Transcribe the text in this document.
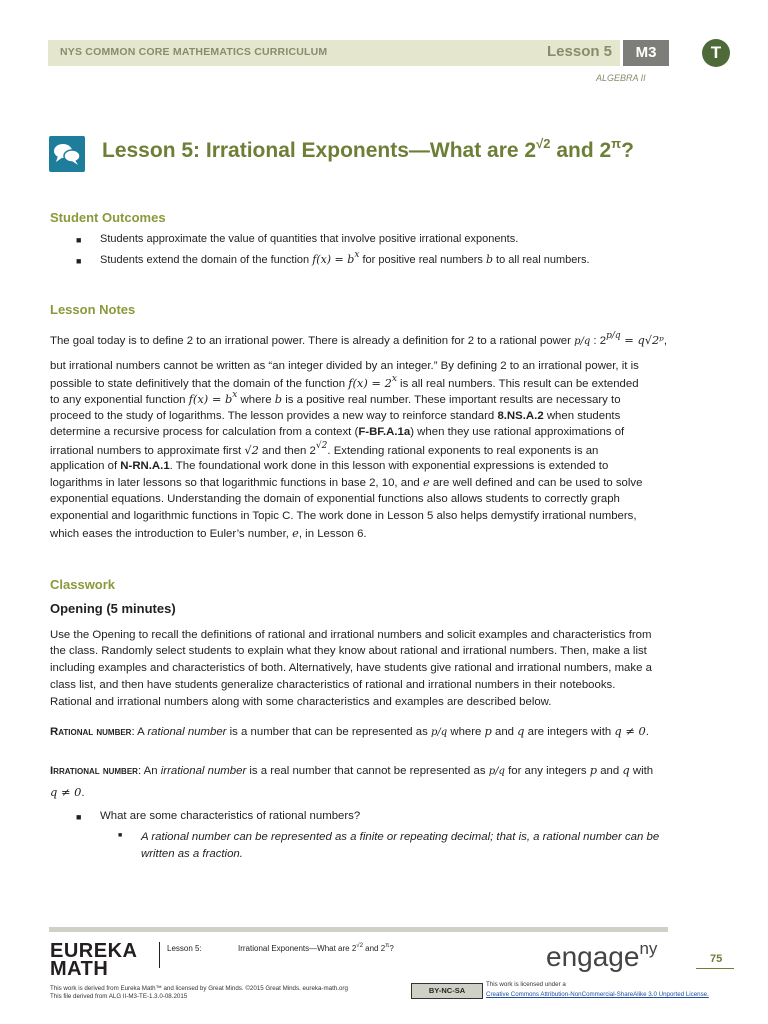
NYS COMMON CORE MATHEMATICS CURRICULUM	Lesson 5	M3	T
ALGEBRA II
Lesson 5: Irrational Exponents—What are $2^{√2}$ and $2^\pi$?
Student Outcomes
■ Students approximate the value of quantities that involve positive irrational exponents.
■ Students extend the domain of the function $f(x) = b^x$ for positive real numbers b to all real numbers.
Lesson Notes
The goal today is to define 2 to an irrational power. There is already a definition for 2 to a rational power p/q : $2^{p/q}$ = q√2ᵖ,
but irrational numbers cannot be written as “an integer divided by an integer.” By defining 2 to an irrational power, it is
possible to state definitively that the domain of the function $f(x) = 2^x$ is all real numbers. This result can be extended
to any exponential function $f(x) = b^x$ where b is a positive real number. These important results are necessary to
proceed to the study of logarithms. The lesson provides a new way to reinforce standard 8.NS.A.2 when students
determine a recursive process for calculation from a context (F-BF.A.1a) when they use rational approximations of
irrational numbers to approximate first √2 and then $2^{√2}$. Extending rational exponents to real exponents is an
application of N-RN.A.1. The foundational work done in this lesson with exponential expressions is extended to
logarithms in later lessons so that logarithmic functions in base 2, 10, and e are well defined and can be used to solve
exponential equations. Understanding the domain of exponential functions also allows students to correctly graph
exponential and logarithmic functions in Topic C. The work done in Lesson 5 also helps demystify irrational numbers,
which eases the introduction to Euler’s number, e, in Lesson 6.
Classwork
Opening (5 minutes)
Use the Opening to recall the definitions of rational and irrational numbers and solicit examples and characteristics from
the class. Randomly select students to explain what they know about rational and irrational numbers. Then, make a list
including examples and characteristics of both. Alternatively, have students give rational and irrational numbers, make a
class list, and then have students generalize characteristics of rational and irrational numbers in their notebooks.
Rational and irrational numbers along with some characteristics and examples are described below.
Rational number: A rational number is a number that can be represented as p/q where p and q are integers with q ≠ 0.
Irrational number: An irrational number is a real number that cannot be represented as p/q for any integers p and q with
q ≠ 0.
■ What are some characteristics of rational numbers?
■ A rational number can be represented as a finite or repeating decimal; that is, a rational number can be
written as a fraction.
EUREKA
MATH
Lesson 5:	Irrational Exponents—What are $2^{√2}$ and $2^\pi$?	engage$^{ny}$
75
This work is derived from Eureka Math™ and licensed by Great Minds. ©2015 Great Minds. eureka-math.org
This file derived from ALG II-M3-TE-1.3.0-08.2015
BY-NC-SA
This work is licensed under a
Creative Commons Attribution-NonCommercial-ShareAlike 3.0 Unported License.
